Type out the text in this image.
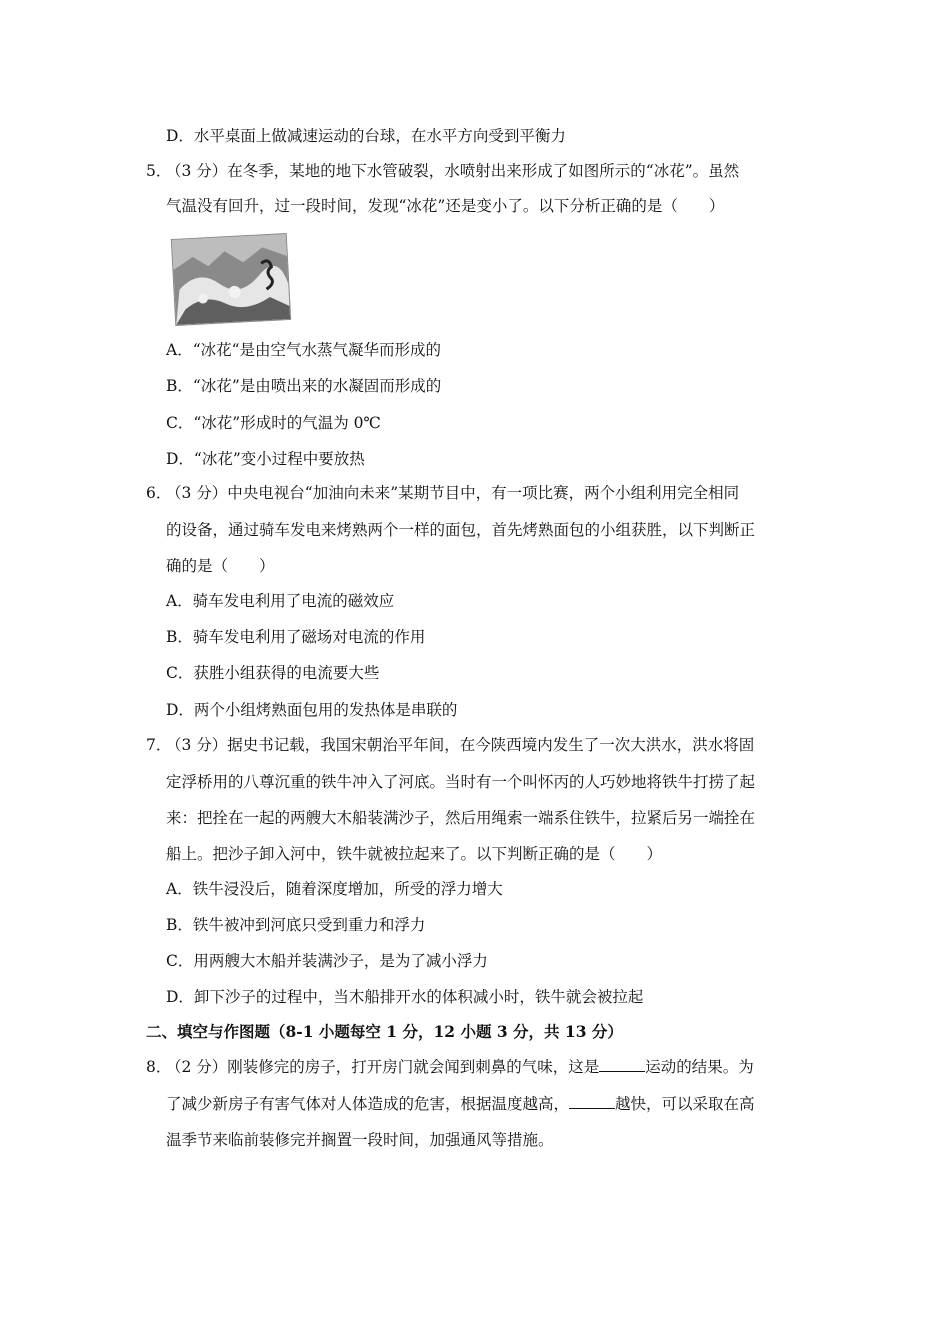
D．水平桌面上做减速运动的台球，在水平方向受到平衡力
5．
（3 分）在冬季，某地的地下水管破裂，水喷射出来形成了如图所示的“冰花”。虽然
气温没有回升，过一段时间，发现“冰花”还是变小了。以下分析正确的是（　　）
A．“冰花“是由空气水蒸气凝华而形成的
B．“冰花”是由喷出来的水凝固而形成的
C．“冰花”形成时的气温为 0℃
D．“冰花”变小过程中要放热
6．
（3 分）中央电视台“加油向未来”某期节目中，有一项比赛，两个小组利用完全相同
的设备，通过骑车发电来烤熟两个一样的面包，首先烤熟面包的小组获胜，以下判断正
确的是（　　）
A．骑车发电利用了电流的磁效应
B．骑车发电利用了磁场对电流的作用
C．获胜小组获得的电流要大些
D．两个小组烤熟面包用的发热体是串联的
7．
（3 分）据史书记载，我国宋朝治平年间，在今陕西境内发生了一次大洪水，洪水将固
定浮桥用的八尊沉重的铁牛冲入了河底。当时有一个叫怀丙的人巧妙地将铁牛打捞了起
来：把拴在一起的两艘大木船装满沙子，然后用绳索一端系住铁牛，拉紧后另一端拴在
船上。把沙子卸入河中，铁牛就被拉起来了。以下判断正确的是（　　）
A．铁牛浸没后，随着深度增加，所受的浮力增大
B．铁牛被冲到河底只受到重力和浮力
C．用两艘大木船并装满沙子，是为了减小浮力
D．卸下沙子的过程中，当木船排开水的体积减小时，铁牛就会被拉起
二、填空与作图题（8-1 小题每空 1 分，12 小题 3 分，共 13 分）
8．
（2 分）刚装修完的房子，打开房门就会闻到刺鼻的气味，这是	运动的结果。为
了减少新房子有害气体对人体造成的危害，根据温度越高，	越快，可以采取在高
温季节来临前装修完并搁置一段时间，加强通风等措施。
